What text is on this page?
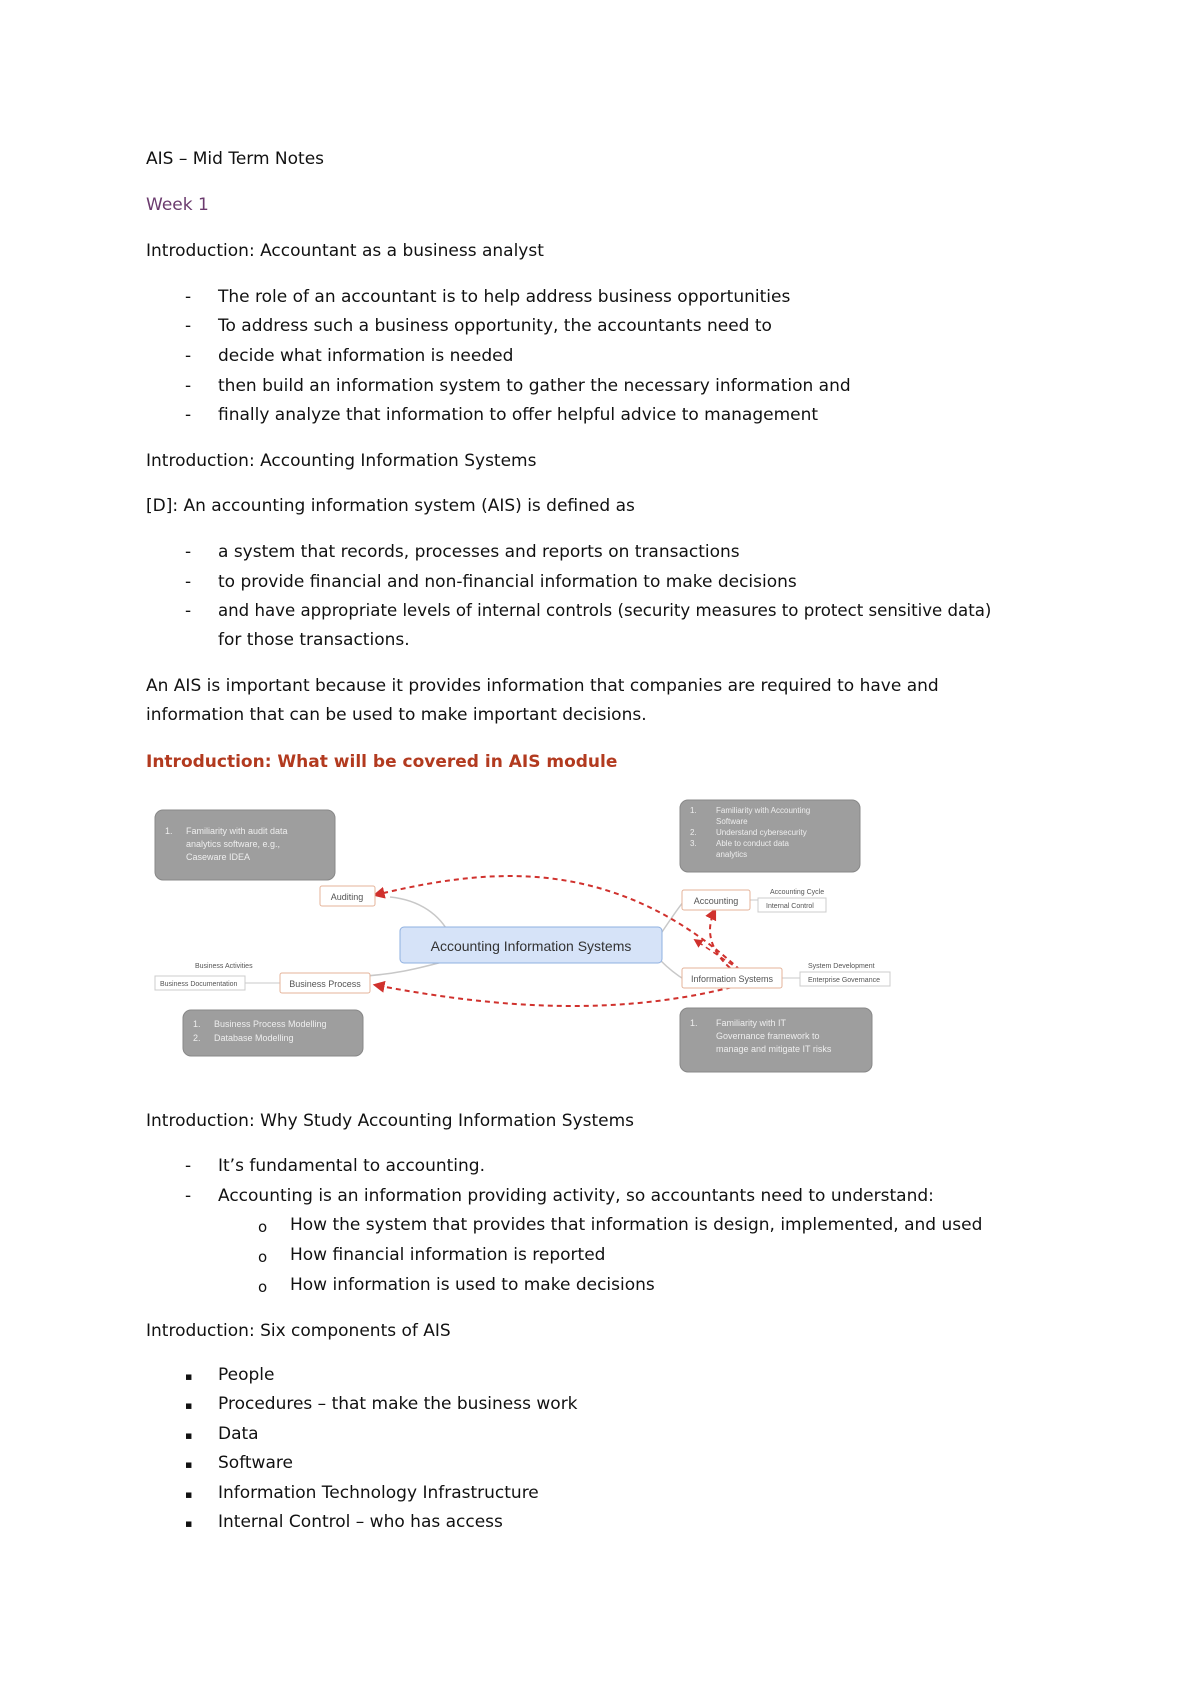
AIS – Mid Term Notes
Week 1
Introduction: Accountant as a business analyst
- The role of an accountant is to help address business opportunities
- To address such a business opportunity, the accountants need to
- decide what information is needed
- then build an information system to gather the necessary information and
- finally analyze that information to offer helpful advice to management
Introduction: Accounting Information Systems
[D]: An accounting information system (AIS) is defined as
- a system that records, processes and reports on transactions
- to provide financial and non-financial information to make decisions
- and have appropriate levels of internal controls (security measures to protect sensitive data)
for those transactions.
An AIS is important because it provides information that companies are required to have and
information that can be used to make important decisions.
Introduction: What will be covered in AIS module
Accounting Information Systems
Auditing	Accounting
Business Process	Information Systems
Accounting Cycle
Internal Control
System Development
Enterprise Governance
Business Activities
Business Documentation
1. Familiarity with audit data
analytics software, e.g.,
Caseware IDEA
1. Familiarity with Accounting
Software
2. Understand cybersecurity
3. Able to conduct data
analytics
1. Business Process Modelling
2. Database Modelling
1. Familiarity with IT
Governance framework to
manage and mitigate IT risks
Introduction: Why Study Accounting Information Systems
- It’s fundamental to accounting.
- Accounting is an information providing activity, so accountants need to understand:
o How the system that provides that information is design, implemented, and used
o How financial information is reported
o How information is used to make decisions
Introduction: Six components of AIS
▪ People
▪ Procedures – that make the business work
▪ Data
▪ Software
▪ Information Technology Infrastructure
▪ Internal Control – who has access
